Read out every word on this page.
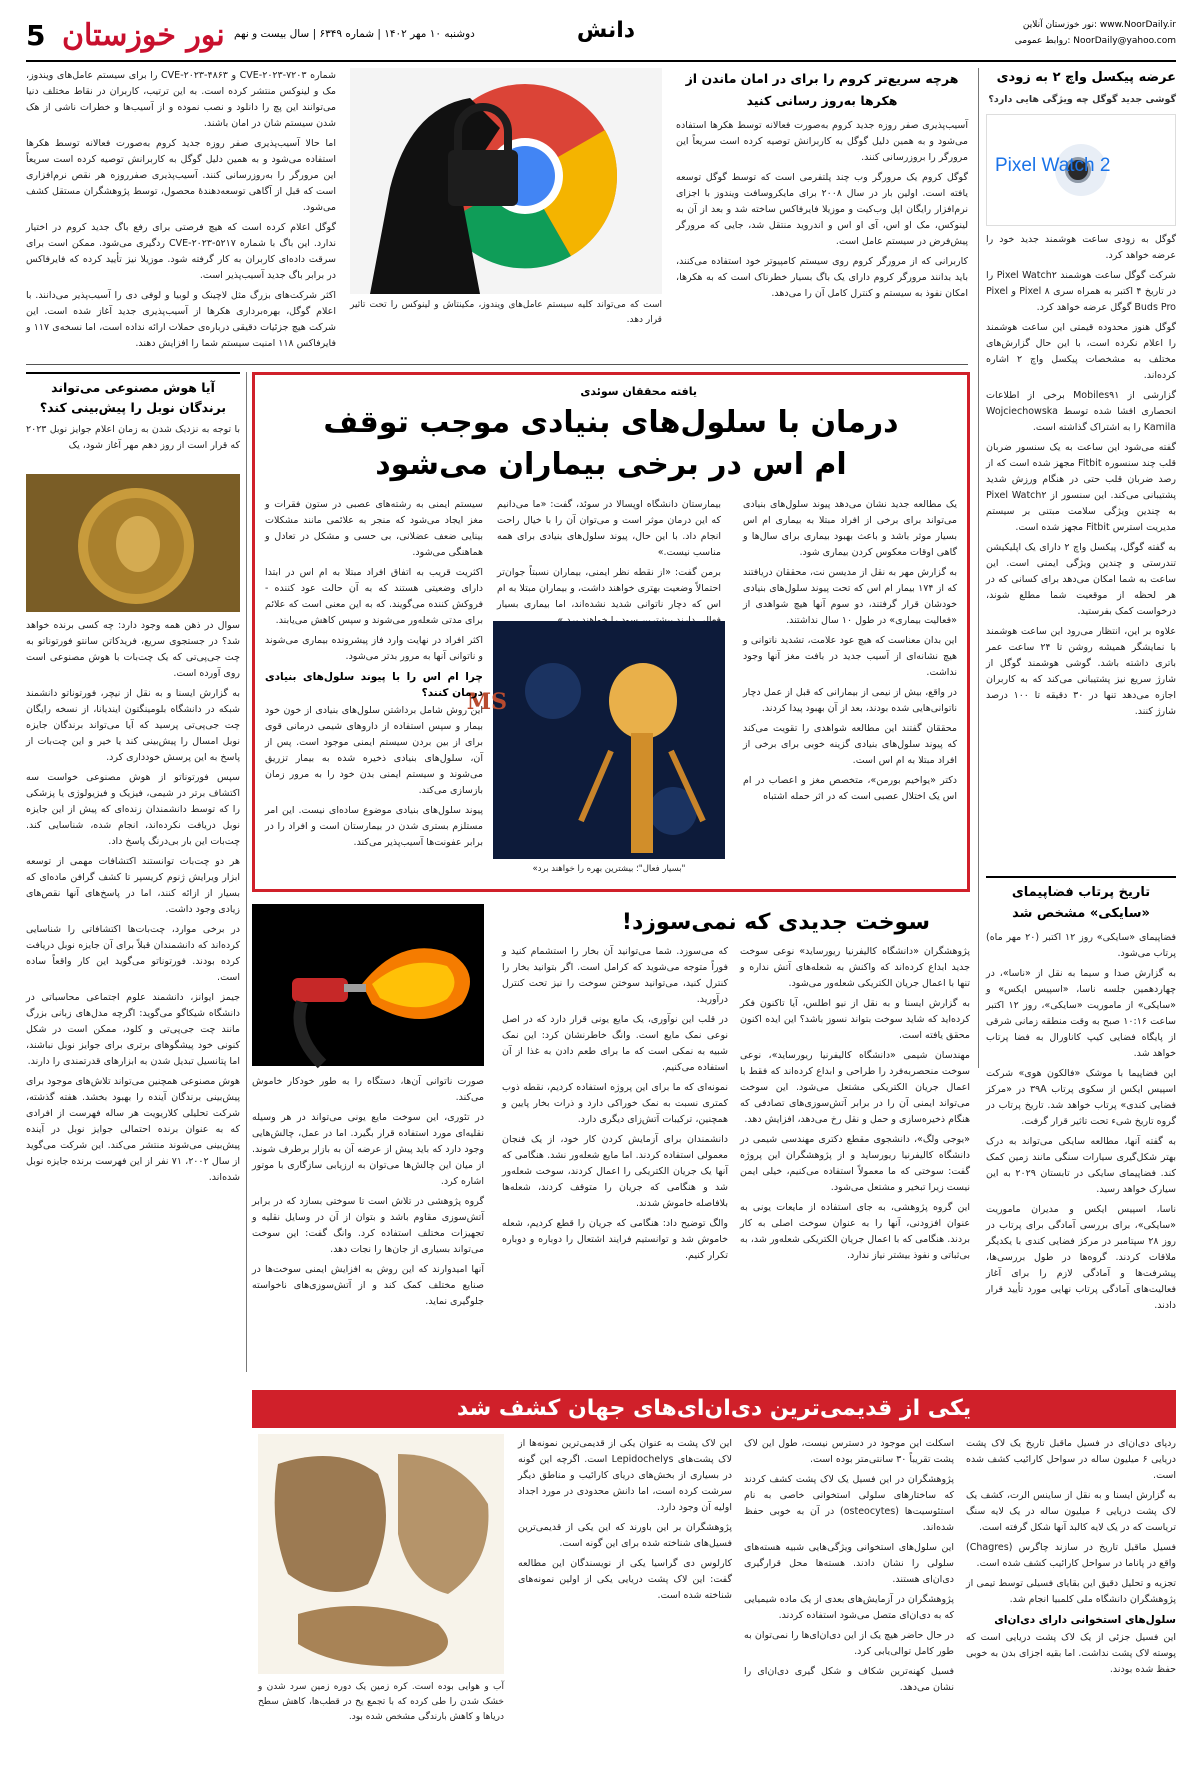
نور خوزستان
5	دوشنبه ۱۰ مهر ۱۴۰۲ | شماره ۶۳۴۹ | سال بیست و نهم	دانش	نور خوزستان آنلاین: www.NoorDaily.ir
روابط عمومی: NoorDaily@yahoo.com
عرضه پیکسل واچ ۲ به زودی
گوشی جدید گوگل چه ویژگی هایی دارد؟
Pixel Watch 2

گوگل به زودی ساعت هوشمند جدید خود را عرضه خواهد کرد.

شرکت گوگل ساعت هوشمند Pixel Watch۲ را در تاریخ ۴ اکتبر به همراه سری Pixel ۸ و Pixel Buds Pro گوگل عرضه خواهد کرد.

گوگل هنوز محدوده قیمتی این ساعت هوشمند را اعلام نکرده است، با این حال گزارش‌های مختلف به مشخصات پیکسل واچ ۲ اشاره کرده‌اند.

گزارشی از Mobiles۹۱ برخی از اطلاعات انحصاری افشا شده توسط Wojciechowska Kamila را به اشتراک گذاشته است.

گفته می‌شود این ساعت به یک سنسور ضربان قلب چند سنسوره Fitbit مجهز شده است که از رصد ضربان قلب حتی در هنگام ورزش شدید پشتیبانی می‌کند. این سنسور از Pixel Watch۲ به چندین ویژگی سلامت مبتنی بر سیستم مدیریت استرس Fitbit مجهز شده است.

به گفته گوگل، پیکسل واچ ۲ دارای یک اپلیکیشن تندرستی و چندین ویژگی ایمنی است. این ساعت به شما امکان می‌دهد برای کسانی که در هر لحظه از موقعیت شما مطلع شوند، درخواست کمک بفرستید.

علاوه بر این، انتظار می‌رود این ساعت هوشمند با نمایشگر همیشه روشن تا ۲۴ ساعت عمر باتری داشته باشد. گوشی هوشمند گوگل از شارژ سریع نیز پشتیبانی می‌کند که به کاربران اجازه می‌دهد تنها در ۳۰ دقیقه تا ۱۰۰ درصد شارژ کنند.

تاریخ پرتاب فضاپیمای «سایکی» مشخص شد

فضاپیمای «سایکی» روز ۱۲ اکتبر (۲۰ مهر ماه) پرتاب می‌شود.

به گزارش صدا و سیما به نقل از «ناسا»، در چهاردهمین جلسه ناسا، «اسپیس ایکس» و «سایکی» از ماموریت «سایکی»، روز ۱۲ اکتبر ساعت ۱۰:۱۶ صبح به وقت منطقه زمانی شرقی از پایگاه فضایی کیپ کاناورال به فضا پرتاب خواهد شد.

این فضاپیما با موشک «فالکون هوی» شرکت اسپیس ایکس از سکوی پرتاب ۳۹A در «مرکز فضایی کندی» پرتاب خواهد شد. تاریخ پرتاب در گروه تاریخ شیء تحت تاثیر قرار گرفت.

به گفته آنها، مطالعه سایکی می‌تواند به درک بهتر شکل‌گیری سیارات سنگی مانند زمین کمک کند. فضاپیمای سایکی در تابستان ۲۰۲۹ به این سیارک خواهد رسید.

ناسا، اسپیس ایکس و مدیران ماموریت «سایکی»، برای بررسی آمادگی برای پرتاب در روز ۲۸ سپتامبر در مرکز فضایی کندی با یکدیگر ملاقات کردند. گروه‌ها در طول بررسی‌ها، پیشرفت‌ها و آمادگی لازم را برای آغاز فعالیت‌های آمادگی پرتاب نهایی مورد تأیید قرار دادند.

هرچه سریع‌تر کروم را برای در امان ماندن از هکرها به‌روز رسانی کنید

آسیب‌پذیری صفر روزه جدید کروم به‌صورت فعالانه توسط هکرها استفاده می‌شود و به همین دلیل گوگل به کاربرانش توصیه کرده است سریعاً این مرورگر را بروزرسانی کنند.

گوگل کروم یک مرورگر وب چند پلتفرمی است که توسط گوگل توسعه یافته است. اولین بار در سال ۲۰۰۸ برای مایکروسافت ویندوز با اجزای نرم‌افزار رایگان اپل وب‌کیت و موزیلا فایرفاکس ساخته شد و بعد از آن به لینوکس، مک او اس، آی او اس و اندروید منتقل شد، جایی که مرورگر پیش‌فرض در سیستم عامل است.

کاربرانی که از مرورگر کروم روی سیستم کامپیوتر خود استفاده می‌کنند، باید بدانند مرورگر کروم دارای یک باگ بسیار خطرناک است که به هکرها، امکان نفوذ به سیستم و کنترل کامل آن را می‌دهد.

است که می‌تواند کلیه سیستم عامل‌های ویندوز، مکینتاش و لینوکس را تحت تاثیر قرار دهد.

شماره ۷۲۰۳-۲۰۲۳-CVE و ۴۸۶۳-۲۰۲۳-CVE را برای سیستم عامل‌های ویندوز، مک و لینوکس منتشر کرده است. به این ترتیب، کاربران در نقاط مختلف دنیا می‌توانند این پچ را دانلود و نصب نموده و از آسیب‌ها و خطرات ناشی از هک شدن سیستم شان در امان باشند.

اما حالا آسیب‌پذیری صفر روزه جدید کروم به‌صورت فعالانه توسط هکرها استفاده می‌شود و به همین دلیل گوگل به کاربرانش توصیه کرده است سریعاً این مرورگر را به‌روزرسانی کنند. آسیب‌پذیری صفرروزه هر نقص نرم‌افزاری است که قبل از آگاهی توسعه‌دهندهٔ محصول، توسط پژوهشگران مستقل کشف می‌شود.

گوگل اعلام کرده است که هیچ فرصتی برای رفع باگ جدید کروم در اختیار ندارد. این باگ با شماره ۵۲۱۷-۲۰۲۳-CVE ردگیری می‌شود. ممکن است برای سرقت داده‌ای کاربران به کار گرفته شود. موزیلا نیز تأیید کرده که فایرفاکس در برابر باگ جدید آسیب‌پذیر است.

اکثر شرکت‌های بزرگ مثل لاچینک و لوبیا و لوفی دی را آسیب‌پذیر می‌دانند. با اعلام گوگل، بهره‌برداری هکرها از آسیب‌پذیری جدید آغاز شده است. این شرکت هیچ جزئیات دقیقی درباره‌ی حملات ارائه نداده است، اما نسخه‌ی ۱۱۷ و فایرفاکس ۱۱۸ امنیت سیستم شما را افزایش دهند.

آیا هوش مصنوعی می‌تواند برندگان نوبل را پیش‌بینی کند؟
با توجه به نزدیک شدن به زمان اعلام جوایز نوبل ۲۰۲۳ که قرار است از روز دهم مهر آغاز شود، یک

سوال در ذهن همه وجود دارد: چه کسی برنده خواهد شد؟ در جستجوی سریع، فریدکاتن سانتو فورتوناتو به چت جی‌پی‌تی که یک چت‌بات با هوش مصنوعی است روی آورده است.

به گزارش ایسنا و به نقل از نیچر، فورتوناتو دانشمند شبکه در دانشگاه بلومینگتون ایندیانا، از نسخه رایگان چت جی‌پی‌تی پرسید که آیا می‌تواند برندگان جایزه نوبل امسال را پیش‌بینی کند یا خیر و این چت‌بات از پاسخ به این پرسش خودداری کرد.

سپس فورتوناتو از هوش مصنوعی خواست سه اکتشاف برتر در شیمی، فیزیک و فیزیولوژی یا پزشکی را که توسط دانشمندان زنده‌ای که پیش از این جایزه نوبل دریافت نکرده‌اند، انجام شده، شناسایی کند. چت‌بات این بار بی‌درنگ پاسخ داد.

هر دو چت‌بات توانستند اکتشافات مهمی از توسعه ابزار ویرایش ژنوم کریسپر تا کشف گرافن ماده‌ای که بسیار از ازائه کنند، اما در پاسخ‌های آنها نقص‌های زیادی وجود داشت.

در برخی موارد، چت‌بات‌ها اکتشافاتی را شناسایی کرده‌اند که دانشمندان قبلاً برای آن جایزه نوبل دریافت کرده بودند. فورتوناتو می‌گوید این کار واقعاً ساده است.

جیمز ایوانز، دانشمند علوم اجتماعی محاسباتی در دانشگاه شیکاگو می‌گوید: اگرچه مدل‌های زبانی بزرگ مانند چت جی‌پی‌تی و کلود، ممکن است در شکل کنونی خود پیشگوهای برتری برای جوایز نوبل نباشند، اما پتانسیل تبدیل شدن به ابزارهای قدرتمندی را دارند.

هوش مصنوعی همچنین می‌تواند تلاش‌های موجود برای پیش‌بینی برندگان آینده را بهبود بخشد. هفته گذشته، شرکت تحلیلی کلاریویت هر ساله فهرست از افرادی که به عنوان برنده احتمالی جوایز نوبل در آینده پیش‌بینی می‌شوند منتشر می‌کند. این شرکت می‌گوید از سال ۲۰۰۲، ۷۱ نفر از این فهرست برنده جایزه نوبل شده‌اند.

یافته محققان سوئدی
درمان با سلول‌های بنیادی موجب توقف
ام اس در برخی بیماران می‌شود

یک مطالعه جدید نشان می‌دهد پیوند سلول‌های بنیادی می‌تواند برای برخی از افراد مبتلا به بیماری ام اس بسیار موثر باشد و باعث بهبود بیماری برای سال‌ها و گاهی اوقات معکوس کردن بیماری شود.

به گزارش مهر به نقل از مدیسن نت، محققان دریافتند که از ۱۷۴ بیمار ام اس که تحت پیوند سلول‌های بنیادی خودشان قرار گرفتند، دو سوم آنها هیچ شواهدی از «فعالیت بیماری» در طول ۱۰ سال نداشتند.

این بدان معناست که هیچ عود علامت، تشدید ناتوانی و هیچ نشانه‌ای از آسیب جدید در بافت مغز آنها وجود نداشت.

در واقع، بیش از نیمی از بیمارانی که قبل از عمل دچار ناتوانی‌هایی شده بودند، بعد از آن بهبود پیدا کردند.

محققان گفتند این مطالعه شواهدی را تقویت می‌کند که پیوند سلول‌های بنیادی گزینه خوبی برای برخی از افراد مبتلا به ام اس است.

دکتر «یواخیم بورمن»، متخصص مغز و اعصاب در ام اس یک اختلال عصبی است که در اثر حمله اشتباه

بیمارستان دانشگاه اوپسالا در سوئد، گفت: «ما می‌دانیم که این درمان موثر است و می‌توان آن را با خیال راحت انجام داد. با این حال، پیوند سلول‌های بنیادی برای همه مناسب نیست.»

برمن گفت: «از نقطه نظر ایمنی، بیماران نسبتاً جوان‌تر احتمالاً وضعیت بهتری خواهند داشت، و بیماران مبتلا به ام اس که دچار ناتوانی شدید نشده‌اند، اما بیماری بسیار

MS
"بسیار فعال"؛ بیشترین بهره را خواهند برد»

سیستم ایمنی به رشته‌های عصبی در ستون فقرات و مغز ایجاد می‌شود که منجر به علائمی مانند مشکلات بینایی ضعف عضلانی، بی حسی و مشکل در تعادل و هماهنگی می‌شود.

اکثریت قریب به اتفاق افراد مبتلا به ام اس در ابتدا دارای وضعیتی هستند که به آن حالت عود کننده - فروکش کننده می‌گویند. که به این معنی است که علائم برای مدتی شعله‌ور می‌شوند و سپس کاهش می‌یابند.

اکثر افراد در نهایت وارد فاز پیشرونده بیماری می‌شوند و ناتوانی آنها به مرور بدتر می‌شود.

چرا ام اس را با پیوند سلول‌های بنیادی درمان کنند؟

این روش شامل برداشتن سلول‌های بنیادی از خون خود بیمار و سپس استفاده از داروهای شیمی درمانی قوی برای از بین بردن سیستم ایمنی موجود است. پس از آن، سلول‌های بنیادی ذخیره شده به بیمار تزریق می‌شوند و سیستم ایمنی بدن خود را به مرور زمان بازسازی می‌کند.

پیوند سلول‌های بنیادی موضوع ساده‌ای نیست. این امر مستلزم بستری شدن در بیمارستان است و افراد را در برابر عفونت‌ها آسیب‌پذیر می‌کند.

سوخت جدیدی که نمی‌سوزد!

پژوهشگران «دانشگاه کالیفرنیا ریورساید» نوعی سوخت جدید ابداع کرده‌اند که واکنش به شعله‌های آتش نداره و تنها با اعمال جریان الکتریکی شعله‌ور می‌شود.

به گزارش ایسنا و به نقل از نیو اطلس، آیا تاکنون فکر کرده‌اید که شاید سوخت بتواند نسوز باشد؟ این ایده اکنون محقق یافته است.

مهندسان شیمی «دانشگاه کالیفرنیا ریورساید»، نوعی سوخت منحصربه‌فرد را طراحی و ابداع کرده‌اند که فقط با اعمال جریان الکتریکی مشتعل می‌شود. این سوخت می‌تواند ایمنی آن را در برابر آتش‌سوزی‌های تصادفی که هنگام ذخیره‌سازی و حمل و نقل رخ می‌دهد، افزایش دهد.

«یوجی ولگ»، دانشجوی مقطع دکتری مهندسی شیمی در دانشگاه کالیفرنیا ریورساید و از پژوهشگران این پروژه گفت: سوختی که ما معمولاً استفاده می‌کنیم، خیلی ایمن نیست زیرا تبخیر و مشتعل می‌شود.

این گروه پژوهشی، به جای استفاده از مایعات یونی به عنوان افزودنی، آنها را به عنوان سوخت اصلی به کار بردند. هنگامی که با اعمال جریان الکتریکی شعله‌ور شد، به بی‌ثباتی و نفوذ بیشتر نیاز ندارد.

که می‌سوزد. شما می‌توانید آن بخار را استشمام کنید و فوراً متوجه می‌شوید که کرامل است. اگر بتوانید بخار را کنترل کنید، می‌توانید سوختن سوخت را نیز تحت کنترل درآورید.

در قلب این نوآوری، یک مایع یونی قرار دارد که در اصل نوعی نمک مایع است. وانگ خاطرنشان کرد: این نمک شبیه به نمکی است که ما برای طعم دادن به غذا از آن استفاده می‌کنیم.

نمونه‌ای که ما برای این پروژه استفاده کردیم، نقطه ذوب کمتری نسبت به نمک خوراکی دارد و ذرات بخار پایین و همچنین، ترکیبات آتش‌زای دیگری دارد.

دانشمندان برای آزمایش کردن کار خود، از یک فنجان معمولی استفاده کردند. اما مایع شعله‌ور نشد. هنگامی که آنها یک جریان الکتریکی را اعمال کردند، سوخت شعله‌ور شد و هنگامی که جریان را متوقف کردند، شعله‌ها بلافاصله خاموش شدند.

والگ توضیح داد: هنگامی که جریان را قطع کردیم، شعله خاموش شد و توانستیم فرایند اشتعال را دوباره و دوباره تکرار کنیم.

صورت ناتوانی آن‌ها، دستگاه را به طور خودکار خاموش می‌کند.

در تئوری، این سوخت مایع یونی می‌تواند در هر وسیله نقلیه‌ای مورد استفاده قرار بگیرد. اما در عمل، چالش‌هایی وجود دارد که باید پیش از عرضه آن به بازار برطرف شوند. از میان این چالش‌ها می‌توان به ارزیابی سازگاری با موتور اشاره کرد.

گروه پژوهشی در تلاش است تا سوختی بسازد که در برابر آتش‌سوزی مقاوم باشد و بتوان از آن در وسایل نقلیه و تجهیزات مختلف استفاده کرد. وانگ گفت: این سوخت می‌تواند بسیاری از جان‌ها را نجات دهد.

آنها امیدوارند که این روش به افزایش ایمنی سوخت‌ها در صنایع مختلف کمک کند و از آتش‌سوزی‌های ناخواسته جلوگیری نماید.

یکی از قدیمی‌ترین دی‌ان‌ای‌های جهان کشف شد
آب و هوایی بوده است. کره زمین یک دوره زمین سرد شدن و خشک شدن را طی کرده که با تجمع یخ در قطب‌ها، کاهش سطح دریاها و کاهش بارندگی مشخص شده بود.

ردپای دی‌ان‌ای در فسیل ماقبل تاریخ یک لاک پشت دریایی ۶ میلیون ساله در سواحل کارائیب کشف شده است.

به گزارش ایسنا و به نقل از ساینس الرت، کشف یک لاک پشت دریایی ۶ میلیون ساله در یک لایه سنگ تریاست که در یک لایه کالبد آنها شکل گرفته است.

فسیل ماقبل تاریخ در سازند چاگرس (Chagres) واقع در پاناما در سواحل کارائیب کشف شده است.

تجزیه و تحلیل دقیق این بقایای فسیلی توسط تیمی از پژوهشگران دانشگاه ملی کلمبیا انجام شد.

سلول‌های استخوانی دارای دی‌ان‌ای

این فسیل جزئی از یک لاک پشت دریایی است که پوسته لاک پشت نداشت. اما بقیه اجزای بدن به خوبی حفظ شده بودند.

اسکلت این موجود در دسترس نیست، طول این لاک پشت تقریباً ۳۰ سانتی‌متر بوده است.

پژوهشگران در این فسیل یک لاک پشت کشف کردند که ساختارهای سلولی استخوانی خاصی به نام استئوسیت‌ها (osteocytes) در آن به خوبی حفظ شده‌اند.

این سلول‌های استخوانی ویژگی‌هایی شبیه هسته‌های سلولی را نشان دادند. هسته‌ها محل قرارگیری دی‌ان‌ای هستند.

پژوهشگران در آزمایش‌های بعدی از یک ماده شیمیایی که به دی‌ان‌ای متصل می‌شود استفاده کردند.

در حال حاضر هیچ یک از این دی‌ان‌ای‌ها را نمی‌توان به طور کامل توالی‌یابی کرد.

فسیل کهنه‌ترین شکاف و شکل گیری دی‌ان‌ای را نشان می‌دهد.

این لاک پشت به عنوان یکی از قدیمی‌ترین نمونه‌ها از لاک پشت‌های Lepidochelys است. اگرچه این گونه در بسیاری از بخش‌های دریای کارائیب و مناطق دیگر سرشت کرده است، اما دانش محدودی در مورد اجداد اولیه آن وجود دارد.

پژوهشگران بر این باورند که این یکی از قدیمی‌ترین فسیل‌های شناخته شده برای این گونه است.

کارلوس دی گراسیا یکی از نویسندگان این مطالعه گفت: این لاک پشت دریایی یکی از اولین نمونه‌های شناخته شده است.
